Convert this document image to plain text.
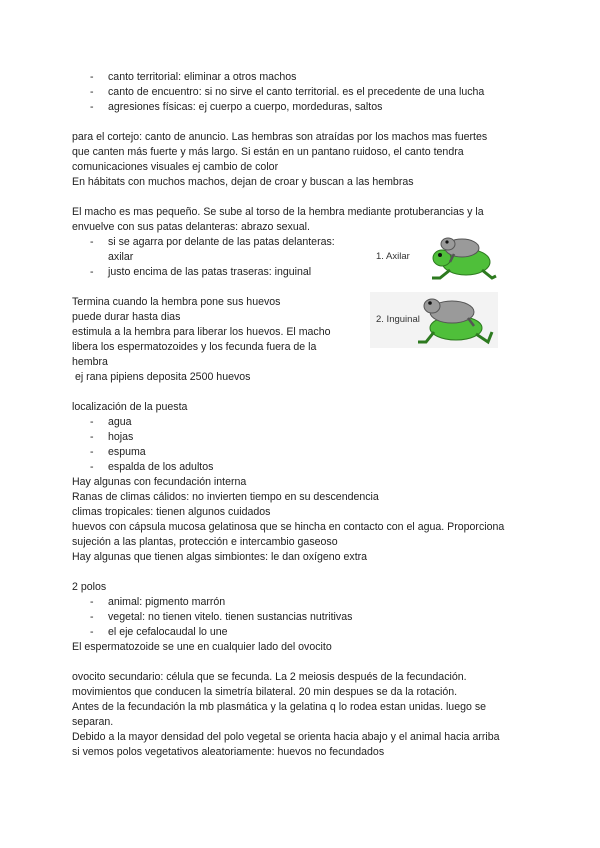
- canto territorial: eliminar a otros machos
- canto de encuentro: si no sirve el canto territorial. es el precedente de una lucha
- agresiones físicas: ej cuerpo a cuerpo, mordeduras, saltos
para el cortejo: canto de anuncio. Las hembras son atraídas por los machos mas fuertes
que canten más fuerte y más largo. Si están en un pantano ruidoso, el canto tendra
comunicaciones visuales ej cambio de color
En hábitats con muchos machos, dejan de croar y buscan a las hembras
El macho es mas pequeño. Se sube al torso de la hembra mediante protuberancias y la
envuelve con sus patas delanteras: abrazo sexual.
- si se agarra por delante de las patas delanteras:
axilar
- justo encima de las patas traseras: inguinal
Termina cuando la hembra pone sus huevos
puede durar hasta dias
estimula a la hembra para liberar los huevos. El macho
libera los espermatozoides y los fecunda fuera de la
hembra
ej rana pipiens deposita 2500 huevos
localización de la puesta
- agua
- hojas
- espuma
- espalda de los adultos
Hay algunas con fecundación interna
Ranas de climas cálidos: no invierten tiempo en su descendencia
climas tropicales: tienen algunos cuidados
huevos con cápsula mucosa gelatinosa que se hincha en contacto con el agua. Proporciona
sujeción a las plantas, protección e intercambio gaseoso
Hay algunas que tienen algas simbiontes: le dan oxígeno extra
2 polos
- animal: pigmento marrón
- vegetal: no tienen vitelo. tienen sustancias nutritivas
- el eje cefalocaudal lo une
El espermatozoide se une en cualquier lado del ovocito
ovocito secundario: célula que se fecunda. La 2 meiosis después de la fecundación.
movimientos que conducen la simetría bilateral. 20 min despues se da la rotación.
Antes de la fecundación la mb plasmática y la gelatina q lo rodea estan unidas. luego se
separan.
Debido a la mayor densidad del polo vegetal se orienta hacia abajo y el animal hacia arriba
si vemos polos vegetativos aleatoriamente: huevos no fecundados
1. Axilar
2. Inguinal
